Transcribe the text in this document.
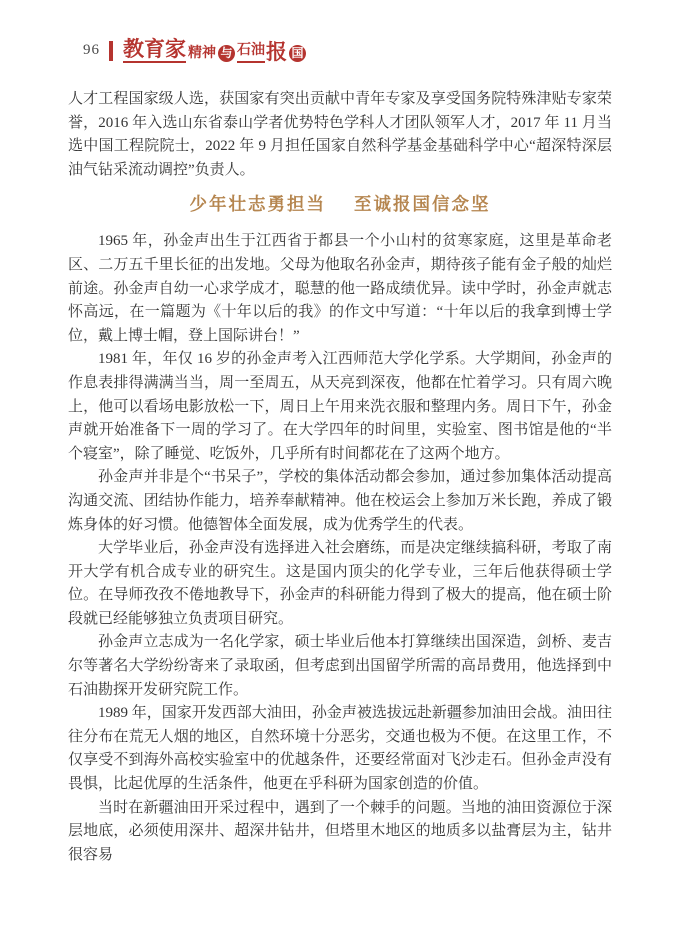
96 教育家 精神 与 石油 报 国

人才工程国家级人选，获国家有突出贡献中青年专家及享受国务院特殊津贴专家荣誉，2016 年入选山东省泰山学者优势特色学科人才团队领军人才，2017 年 11 月当选中国工程院院士，2022 年 9 月担任国家自然科学基金基础科学中心“超深特深层油气钻采流动调控”负责人。

少年壮志勇担当 至诚报国信念坚

1965 年，孙金声出生于江西省于都县一个小山村的贫寒家庭，这里是革命老区、二万五千里长征的出发地。父母为他取名孙金声，期待孩子能有金子般的灿烂前途。孙金声自幼一心求学成才，聪慧的他一路成绩优异。读中学时，孙金声就志怀高远，在一篇题为《十年以后的我》的作文中写道：“十年以后的我拿到博士学位，戴上博士帽，登上国际讲台！”

1981 年，年仅 16 岁的孙金声考入江西师范大学化学系。大学期间，孙金声的作息表排得满满当当，周一至周五，从天亮到深夜，他都在忙着学习。只有周六晚上，他可以看场电影放松一下，周日上午用来洗衣服和整理内务。周日下午，孙金声就开始准备下一周的学习了。在大学四年的时间里，实验室、图书馆是他的“半个寝室”，除了睡觉、吃饭外，几乎所有时间都花在了这两个地方。

孙金声并非是个“书呆子”，学校的集体活动都会参加，通过参加集体活动提高沟通交流、团结协作能力，培养奉献精神。他在校运会上参加万米长跑，养成了锻炼身体的好习惯。他德智体全面发展，成为优秀学生的代表。

大学毕业后，孙金声没有选择进入社会磨练，而是决定继续搞科研，考取了南开大学有机合成专业的研究生。这是国内顶尖的化学专业，三年后他获得硕士学位。在导师孜孜不倦地教导下，孙金声的科研能力得到了极大的提高，他在硕士阶段就已经能够独立负责项目研究。

孙金声立志成为一名化学家，硕士毕业后他本打算继续出国深造，剑桥、麦吉尔等著名大学纷纷寄来了录取函，但考虑到出国留学所需的高昂费用，他选择到中石油勘探开发研究院工作。

1989 年，国家开发西部大油田，孙金声被选拔远赴新疆参加油田会战。油田往往分布在荒无人烟的地区，自然环境十分恶劣，交通也极为不便。在这里工作，不仅享受不到海外高校实验室中的优越条件，还要经常面对飞沙走石。但孙金声没有畏惧，比起优厚的生活条件，他更在乎科研为国家创造的价值。

当时在新疆油田开采过程中，遇到了一个棘手的问题。当地的油田资源位于深层地底，必须使用深井、超深井钻井，但塔里木地区的地质多以盐膏层为主，钻井很容易
